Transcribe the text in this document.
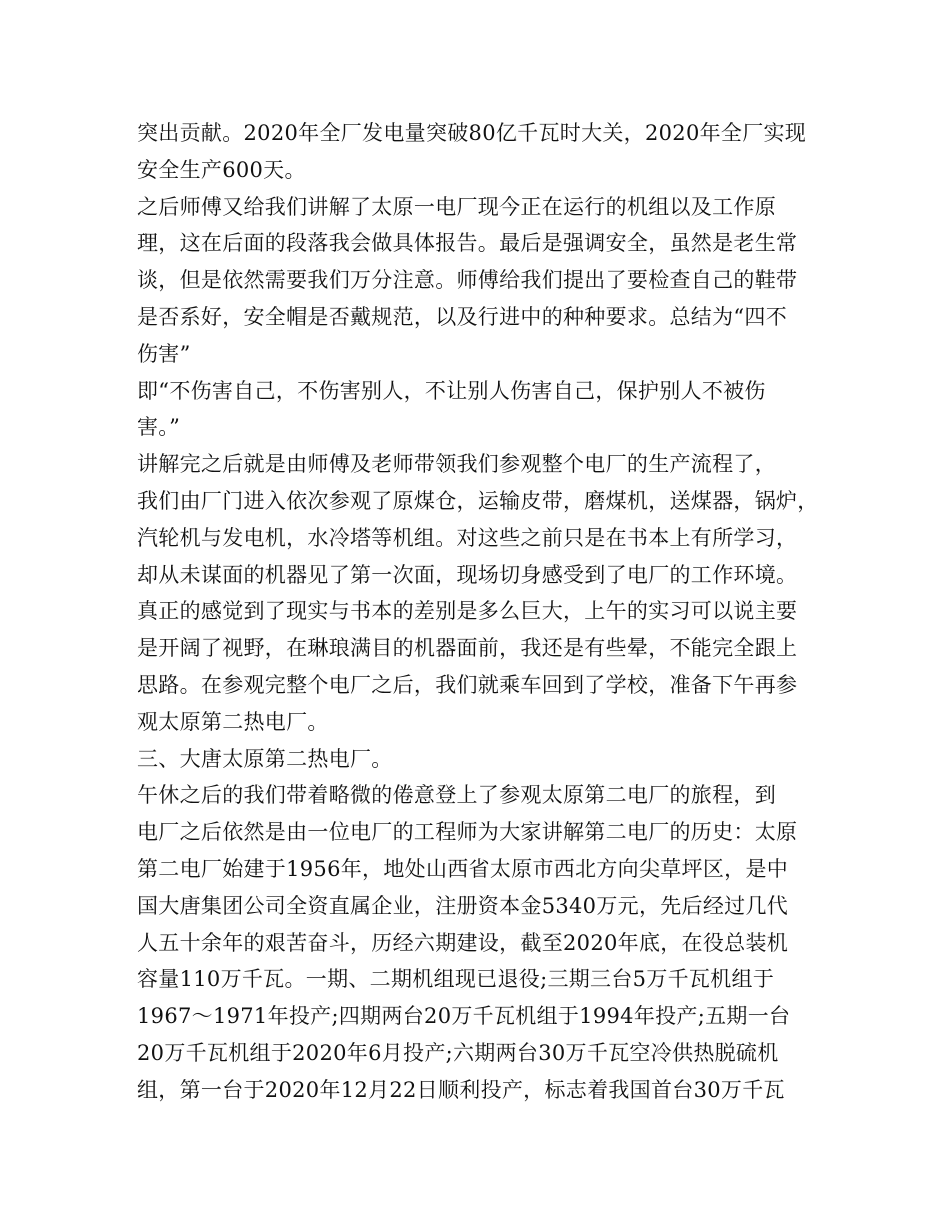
突出贡献。2020年全厂发电量突破80亿千瓦时大关，2020年全厂实现
安全生产600天。
之后师傅又给我们讲解了太原一电厂现今正在运行的机组以及工作原
理，这在后面的段落我会做具体报告。最后是强调安全，虽然是老生常
谈，但是依然需要我们万分注意。师傅给我们提出了要检查自己的鞋带
是否系好，安全帽是否戴规范，以及行进中的种种要求。总结为“四不
伤害”
即“不伤害自己，不伤害别人，不让别人伤害自己，保护别人不被伤
害。”
讲解完之后就是由师傅及老师带领我们参观整个电厂的生产流程了，
我们由厂门进入依次参观了原煤仓，运输皮带，磨煤机，送煤器，锅炉，
汽轮机与发电机，水冷塔等机组。对这些之前只是在书本上有所学习，
却从未谋面的机器见了第一次面，现场切身感受到了电厂的工作环境。
真正的感觉到了现实与书本的差别是多么巨大，上午的实习可以说主要
是开阔了视野，在琳琅满目的机器面前，我还是有些晕，不能完全跟上
思路。在参观完整个电厂之后，我们就乘车回到了学校，准备下午再参
观太原第二热电厂。
三、大唐太原第二热电厂。
午休之后的我们带着略微的倦意登上了参观太原第二电厂的旅程，到
电厂之后依然是由一位电厂的工程师为大家讲解第二电厂的历史：太原
第二电厂始建于1956年，地处山西省太原市西北方向尖草坪区，是中
国大唐集团公司全资直属企业，注册资本金5340万元，先后经过几代
人五十余年的艰苦奋斗，历经六期建设，截至2020年底，在役总装机
容量110万千瓦。一期、二期机组现已退役;三期三台5万千瓦机组于
1967～1971年投产;四期两台20万千瓦机组于1994年投产;五期一台
20万千瓦机组于2020年6月投产;六期两台30万千瓦空冷供热脱硫机
组，第一台于2020年12月22日顺利投产，标志着我国首台30万千瓦
